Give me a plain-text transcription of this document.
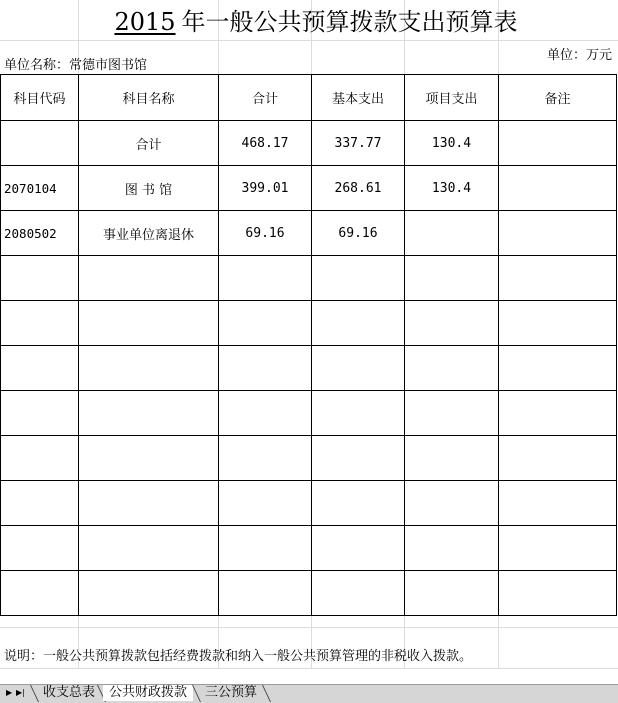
2015 年一般公共预算拨款支出预算表
单位名称：常德市图书馆
单位：万元
科目代码	科目名称	合计	基本支出	项目支出	备注
	合计	468.17	337.77	130.4	
2070104	图 书 馆	399.01	268.61	130.4	
2080502	事业单位离退休	69.16	69.16		

说明：一般公共预算拨款包括经费拨款和纳入一般公共预算管理的非税收入拨款。
▶ ▶|	收支总表	公共财政拨款	三公预算
